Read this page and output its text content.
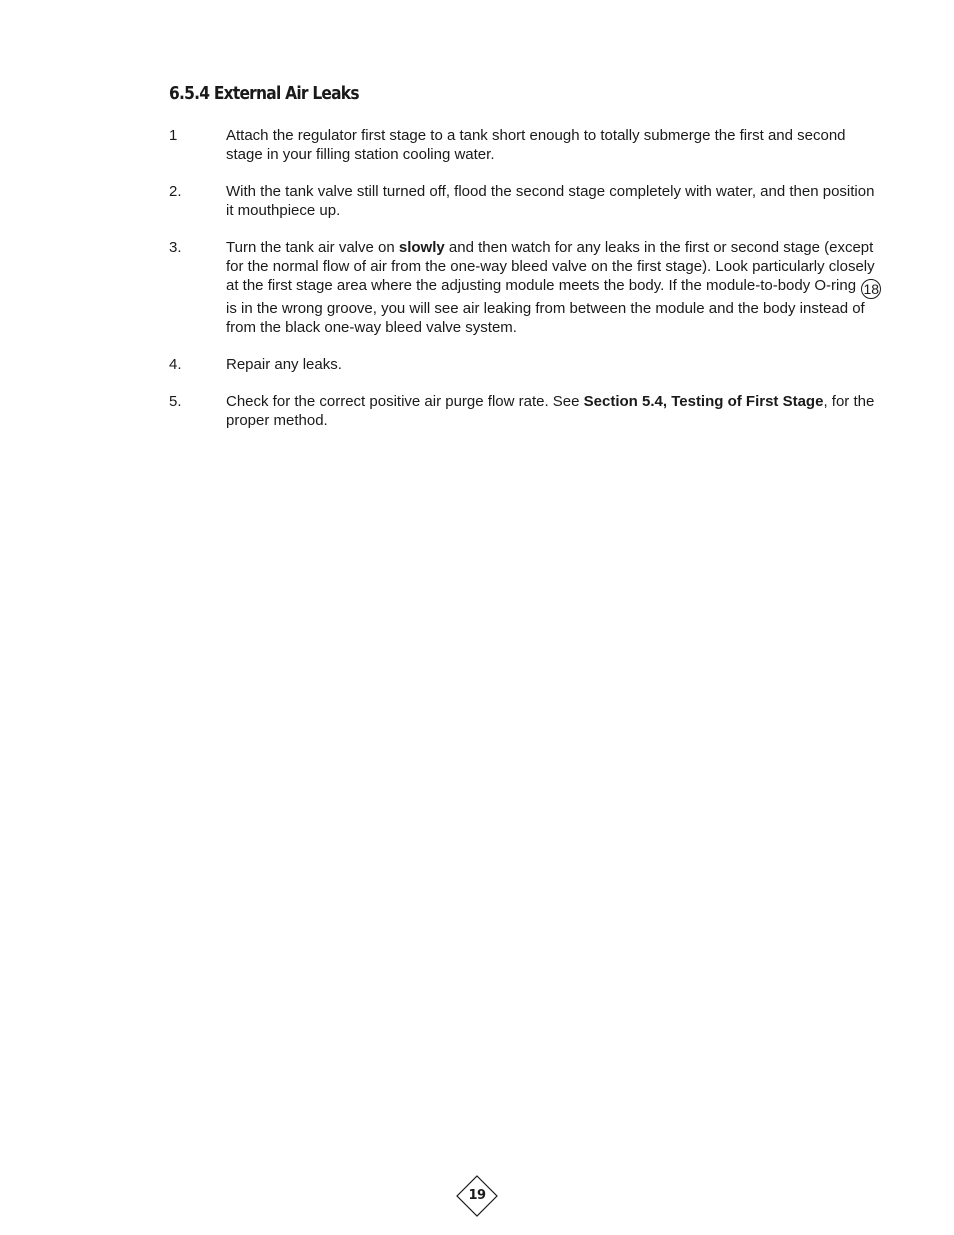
6.5.4 External Air Leaks
1	Attach the regulator first stage to a tank short enough to totally submerge the first and second stage in your filling station cooling water.
2.	With the tank valve still turned off, flood the second stage completely with water, and then position it mouthpiece up.
3.	Turn the tank air valve on slowly and then watch for any leaks in the first or second stage (except for the normal flow of air from the one-way bleed valve on the first stage). Look particularly closely at the first stage area where the adjusting module meets the body. If the module-to-body O-ring 18 is in the wrong groove, you will see air leaking from between the module and the body instead of from the black one-way bleed valve system.
4.	Repair any leaks.
5.	Check for the correct positive air purge flow rate. See Section 5.4, Testing of First Stage, for the proper method.
19
